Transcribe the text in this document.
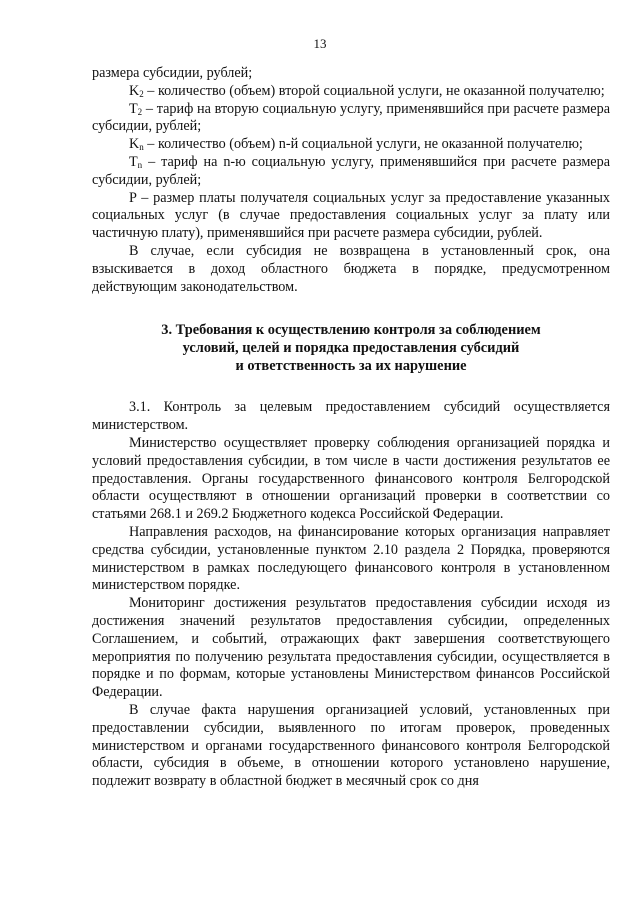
13

размера субсидии, рублей;

$K_2$ – количество (объем) второй социальной услуги, не оказанной получателю;

$T_2$ – тариф на вторую социальную услугу, применявшийся при расчете размера субсидии, рублей;

$K_n$ – количество (объем) n-й социальной услуги, не оказанной получателю;

$T_n$ – тариф на n-ю социальную услугу, применявшийся при расчете размера субсидии, рублей;

P – размер платы получателя социальных услуг за предоставление указанных социальных услуг (в случае предоставления социальных услуг за плату или частичную плату), применявшийся при расчете размера субсидии, рублей.

В случае, если субсидия не возвращена в установленный срок, она взыскивается в доход областного бюджета в порядке, предусмотренном действующим законодательством.

3. Требования к осуществлению контроля за соблюдением
условий, целей и порядка предоставления субсидий
и ответственность за их нарушение

3.1. Контроль за целевым предоставлением субсидий осуществляется министерством.

Министерство осуществляет проверку соблюдения организацией порядка и условий предоставления субсидии, в том числе в части достижения результатов ее предоставления. Органы государственного финансового контроля Белгородской области осуществляют в отношении организаций проверки в соответствии со статьями 268.1 и 269.2 Бюджетного кодекса Российской Федерации.

Направления расходов, на финансирование которых организация направляет средства субсидии, установленные пунктом 2.10 раздела 2 Порядка, проверяются министерством в рамках последующего финансового контроля в установленном министерством порядке.

Мониторинг достижения результатов предоставления субсидии исходя из достижения значений результатов предоставления субсидии, определенных Соглашением, и событий, отражающих факт завершения соответствующего мероприятия по получению результата предоставления субсидии, осуществляется в порядке и по формам, которые установлены Министерством финансов Российской Федерации.

В случае факта нарушения организацией условий, установленных при предоставлении субсидии, выявленного по итогам проверок, проведенных министерством и органами государственного финансового контроля Белгородской области, субсидия в объеме, в отношении которого установлено нарушение, подлежит возврату в областной бюджет в месячный срок со дня
